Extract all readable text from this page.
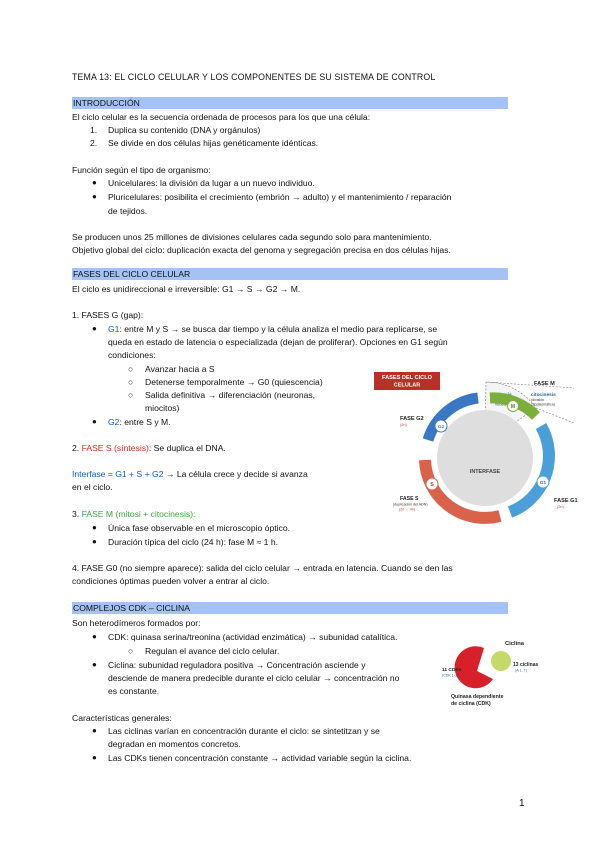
TEMA 13: EL CICLO CELULAR Y LOS COMPONENTES DE SU SISTEMA DE CONTROL
INTRODUCCIÓN
El ciclo celular es la secuencia ordenada de procesos para los que una célula:
1. Duplica su contenido (DNA y orgánulos)
2. Se divide en dos células hijas genéticamente idénticas.
Función según el tipo de organismo:
● Unicelulares: la división da lugar a un nuevo individuo.
● Pluricelulares: posibilita el crecimiento (embrión → adulto) y el mantenimiento / reparación
de tejidos.
Se producen unos 25 millones de divisiones celulares cada segundo solo para mantenimiento.
Objetivo global del ciclo: duplicación exacta del genoma y segregación precisa en dos células hijas.
FASES DEL CICLO CELULAR
El ciclo es unidireccional e irreversible: G1 → S → G2 → M.
1. FASES G (gap):
● G1: entre M y S → se busca dar tiempo y la célula analiza el medio para replicarse, se
queda en estado de latencia o especializada (dejan de proliferar). Opciones en G1 según
condiciones:
○ Avanzar hacia a S
○ Detenerse temporalmente → G0 (quiescencia)
○ Salida definitiva → diferenciación (neuronas,
miocitos)
● G2: entre S y M.
2. FASE S (síntesis): Se duplica el DNA.
Interfase = G1 + S + G2 → La célula crece y decide si avanza
en el ciclo.
3. FASE M (mitosi + citocinesis):
● Única fase observable en el microscopio óptico.
● Duración típica del ciclo (24 h): fase M ≈ 1 h.
4. FASE G0 (no siempre aparece): salida del ciclo celular → entrada en latencia. Cuando se den las
condiciones óptimas pueden volver a entrar al ciclo.
FASES DEL CICLO
CELULAR	FASE M
mitosis
(división
nuclear)
citocinesis
(división
citoplasmática)
INTERFASE
M
G2
S	G1
FASE G2
(2n)
FASE S
(duplicación del ADN)
(2n → 4n)
FASE G1
(2n)
COMPLEJOS CDK – CICLINA
Son heterodímeros formados por:
● CDK: quinasa serina/treonina (actividad enzimática) → subunidad catalítica.
○ Regulan el avance del ciclo celular.
● Ciclina: subunidad reguladora positiva → Concentración asciende y
desciende de manera predecible durante el ciclo celular → concentración no
es constante.
Características generales:
● Las ciclinas varían en concentración durante el ciclo: se sintetitzan y se
degradan en momentos concretos.
● Las CDKs tienen concentración constante → actividad variable según la ciclina.
Ciclina
11 CDKs
(CDK 1-11)
13 ciclinas
(A-L, T)
Quinasa dependiente
de ciclina (CDK)
1
